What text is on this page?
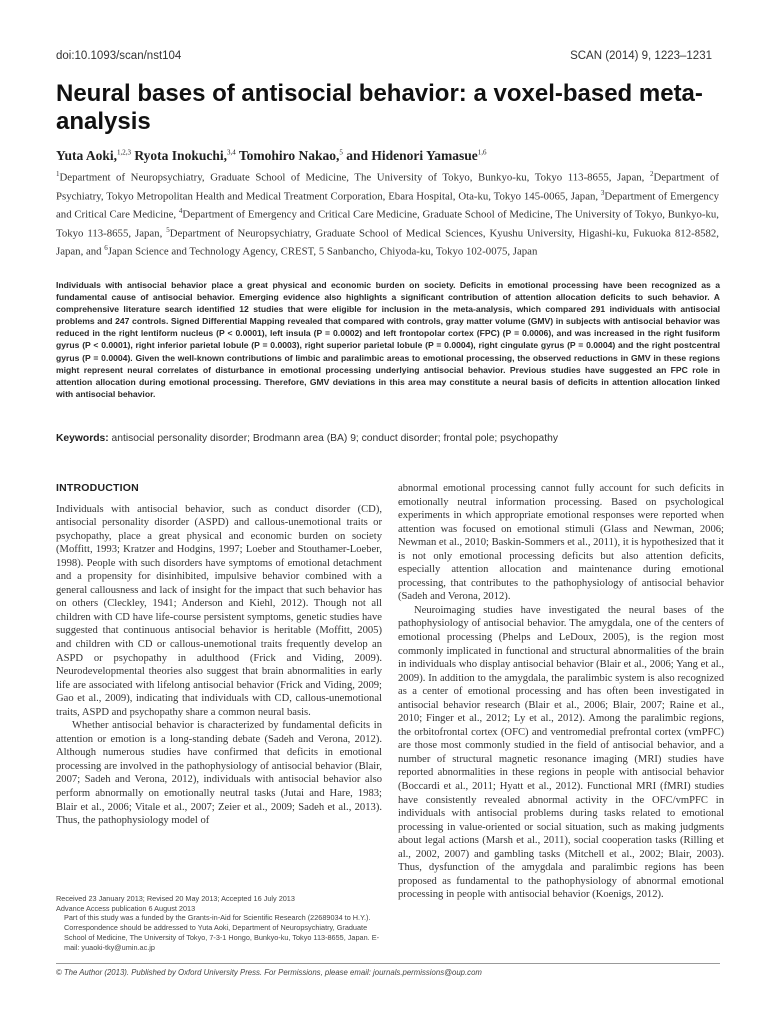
doi:10.1093/scan/nst104	SCAN (2014) 9, 1223–1231
Neural bases of antisocial behavior: a voxel-based meta-analysis
Yuta Aoki,$^{1,2,3}$ Ryota Inokuchi,$^{3,4}$ Tomohiro Nakao,$^5$ and Hidenori Yamasue$^{1,6}$
$^1$Department of Neuropsychiatry, Graduate School of Medicine, The University of Tokyo, Bunkyo-ku, Tokyo 113-8655, Japan, $^2$Department of Psychiatry, Tokyo Metropolitan Health and Medical Treatment Corporation, Ebara Hospital, Ota-ku, Tokyo 145-0065, Japan, $^3$Department of Emergency and Critical Care Medicine, $^4$Department of Emergency and Critical Care Medicine, Graduate School of Medicine, The University of Tokyo, Bunkyo-ku, Tokyo 113-8655, Japan, $^5$Department of Neuropsychiatry, Graduate School of Medical Sciences, Kyushu University, Higashi-ku, Fukuoka 812-8582, Japan, and $^6$Japan Science and Technology Agency, CREST, 5 Sanbancho, Chiyoda-ku, Tokyo 102-0075, Japan
Individuals with antisocial behavior place a great physical and economic burden on society. Deficits in emotional processing have been recognized as a fundamental cause of antisocial behavior. Emerging evidence also highlights a significant contribution of attention allocation deficits to such behavior. A comprehensive literature search identified 12 studies that were eligible for inclusion in the meta-analysis, which compared 291 individuals with antisocial problems and 247 controls. Signed Differential Mapping revealed that compared with controls, gray matter volume (GMV) in subjects with antisocial behavior was reduced in the right lentiform nucleus (P < 0.0001), left insula (P = 0.0002) and left frontopolar cortex (FPC) (P = 0.0006), and was increased in the right fusiform gyrus (P < 0.0001), right inferior parietal lobule (P = 0.0003), right superior parietal lobule (P = 0.0004), right cingulate gyrus (P = 0.0004) and the right postcentral gyrus (P = 0.0004). Given the well-known contributions of limbic and paralimbic areas to emotional processing, the observed reductions in GMV in these regions might represent neural correlates of disturbance in emotional processing underlying antisocial behavior. Previous studies have suggested an FPC role in attention allocation during emotional processing. Therefore, GMV deviations in this area may constitute a neural basis of deficits in attention allocation linked with antisocial behavior.
Keywords: antisocial personality disorder; Brodmann area (BA) 9; conduct disorder; frontal pole; psychopathy
INTRODUCTION

Individuals with antisocial behavior, such as conduct disorder (CD), antisocial personality disorder (ASPD) and callous-unemotional traits or psychopathy, place a great physical and economic burden on society (Moffitt, 1993; Kratzer and Hodgins, 1997; Loeber and Stouthamer-Loeber, 1998). People with such disorders have symptoms of emotional detachment and a propensity for disinhibited, impulsive behavior combined with a general callousness and lack of insight for the impact that such behavior has on others (Cleckley, 1941; Anderson and Kiehl, 2012). Though not all children with CD have life-course persistent symptoms, genetic studies have suggested that continuous antisocial behavior is heritable (Moffitt, 2005) and children with CD or callous-unemotional traits frequently develop an ASPD or psychopathy in adulthood (Frick and Viding, 2009). Neurodevelopmental theories also suggest that brain abnormalities in early life are associated with lifelong antisocial behavior (Frick and Viding, 2009; Gao et al., 2009), indicating that individuals with CD, callous-unemotional traits, ASPD and psychopathy share a common neural basis.

Whether antisocial behavior is characterized by fundamental deficits in attention or emotion is a long-standing debate (Sadeh and Verona, 2012). Although numerous studies have confirmed that deficits in emotional processing are involved in the pathophysiology of antisocial behavior (Blair, 2007; Sadeh and Verona, 2012), individuals with antisocial behavior also perform abnormally on emotionally neutral tasks (Jutai and Hare, 1983; Blair et al., 2006; Vitale et al., 2007; Zeier et al., 2009; Sadeh et al., 2013). Thus, the pathophysiology model of

abnormal emotional processing cannot fully account for such deficits in emotionally neutral information processing. Based on psychological experiments in which appropriate emotional responses were reported when attention was focused on emotional stimuli (Glass and Newman, 2006; Newman et al., 2010; Baskin-Sommers et al., 2011), it is hypothesized that it is not only emotional processing deficits but also attention deficits, especially attention allocation and maintenance during emotional processing, that contributes to the pathophysiology of antisocial behavior (Sadeh and Verona, 2012).

Neuroimaging studies have investigated the neural bases of the pathophysiology of antisocial behavior. The amygdala, one of the centers of emotional processing (Phelps and LeDoux, 2005), is the region most commonly implicated in functional and structural abnormalities of the brain in individuals who display antisocial behavior (Blair et al., 2006; Yang et al., 2009). In addition to the amygdala, the paralimbic system is also recognized as a center of emotional processing and has often been investigated in antisocial behavior research (Blair et al., 2006; Blair, 2007; Raine et al., 2010; Finger et al., 2012; Ly et al., 2012). Among the paralimbic regions, the orbitofrontal cortex (OFC) and ventromedial prefrontal cortex (vmPFC) are those most commonly studied in the field of antisocial behavior, and a number of structural magnetic resonance imaging (MRI) studies have reported abnormalities in these regions in people with antisocial behavior (Boccardi et al., 2011; Hyatt et al., 2012). Functional MRI (fMRI) studies have consistently revealed abnormal activity in the OFC/vmPFC in individuals with antisocial problems during tasks related to emotional processing in value-oriented or social situation, such as making judgments about legal actions (Marsh et al., 2011), social cooperation tasks (Rilling et al., 2002, 2007) and gambling tasks (Mitchell et al., 2002; Blair, 2003). Thus, dysfunction of the amygdala and paralimbic regions has been proposed as fundamental to the pathophysiology of abnormal emotional processing in people with antisocial behavior (Koenigs, 2012).

Received 23 January 2013; Revised 20 May 2013; Accepted 16 July 2013
Advance Access publication 6 August 2013
Part of this study was a funded by the Grants-in-Aid for Scientific Research (22689034 to H.Y.).
Correspondence should be addressed to Yuta Aoki, Department of Neuropsychiatry, Graduate School of Medicine, The University of Tokyo, 7-3-1 Hongo, Bunkyo-ku, Tokyo 113-8655, Japan. E-mail: yuaoki-tky@umin.ac.jp
© The Author (2013). Published by Oxford University Press. For Permissions, please email: journals.permissions@oup.com
